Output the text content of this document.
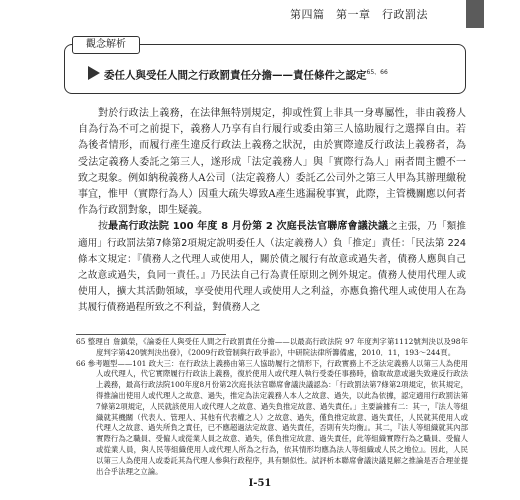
第四篇　第一章　行政罰法
觀念解析
委任人與受任人間之行政罰責任分擔——責任條件之認定$^{65、66}$

對於行政法上義務，在法律無特別規定，抑或性質上非具一身專屬性，非由義務人自為行為不可之前提下，義務人乃享有自行履行或委由第三人協助履行之選擇自由。若為後者情形，而履行產生違反行政法上義務之狀況，由於實際違反行政法上義務者，為受法定義務人委託之第三人，遂形成「法定義務人」與「實際行為人」兩者間主體不一致之現象。例如納稅義務人A公司（法定義務人）委託乙公司外之第三人甲為其辦理繳稅事宜，惟甲（實際行為人）因重大疏失導致A產生逃漏稅事實，此際，主管機關應以何者作為行政罰對象，即生疑義。

按最高行政法院 100 年度 8 月份第 2 次庭長法官聯席會議決議之主張，乃「類推適用」行政罰法第7條第2項規定說明委任人（法定義務人）負「推定」責任：「民法第 224 條本文規定：『債務人之代理人或使用人，關於債之履行有故意或過失者，債務人應與自己之故意或過失，負同一責任。』乃民法自己行為責任原則之例外規定。債務人使用代理人或使用人，擴大其活動領域，享受使用代理人或使用人之利益，亦應負擔代理人或使用人在為其履行債務過程所致之不利益，對債務人之

65 整理自 詹鎮榮，《論委任人與受任人間之行政罰責任分擔——以最高行政法院 97 年度判字第1112號判決以及98年度判字第420號判決出發》，《2009行政管制與行政爭訟》，中研院法律所籌備處，2010．11，193～244頁。

66 參考題型——101 政大三：在行政法上義務由第三人協助履行之情形下，行政實務上不乏法定義務人以第三人為使用人或代理人，代它實際履行行政法上義務，復於使用人或代理人執行受委任事務時，偷取故意或過失致違反行政法上義務，最高行政法院100年度8月份第2次庭長法官聯席會議決議認為：「行政罰法第7條第2項規定，依其規定，得推論出使用人或代理人之故意、過失，推定為法定義務人本人之故意、過失，以此為依據，認定適用行政罰法第7條第2項規定，人民就該使用人或代理人之故意、過失負推定故意、過失責任。」主要論據有二：其一，『法人等組織就其機關（代表人、管理人、其他有代表權之人）之故意、過失，僅負推定故意、過失責任，人民就其使用人或代理人之故意、過失所負之責任，已不應超過法定故意、過失責任，否則有失均衡』。其二，『法人等組織就其內部實際行為之職員、受僱人或從業人員之故意、過失，係負推定故意、過失責任，此等組織實際行為之職員、受僱人或從業人員，與人民等組織使用人或代理人所為之行為，依其情形均應為法人等組織或人民之地位』。因此，人民以第三人為使用人或委託其為代理人參與行政程序，具有類似性。試評析本聯席會議決議見解之推論是否合理並提出合乎法理之立論。

I-51
